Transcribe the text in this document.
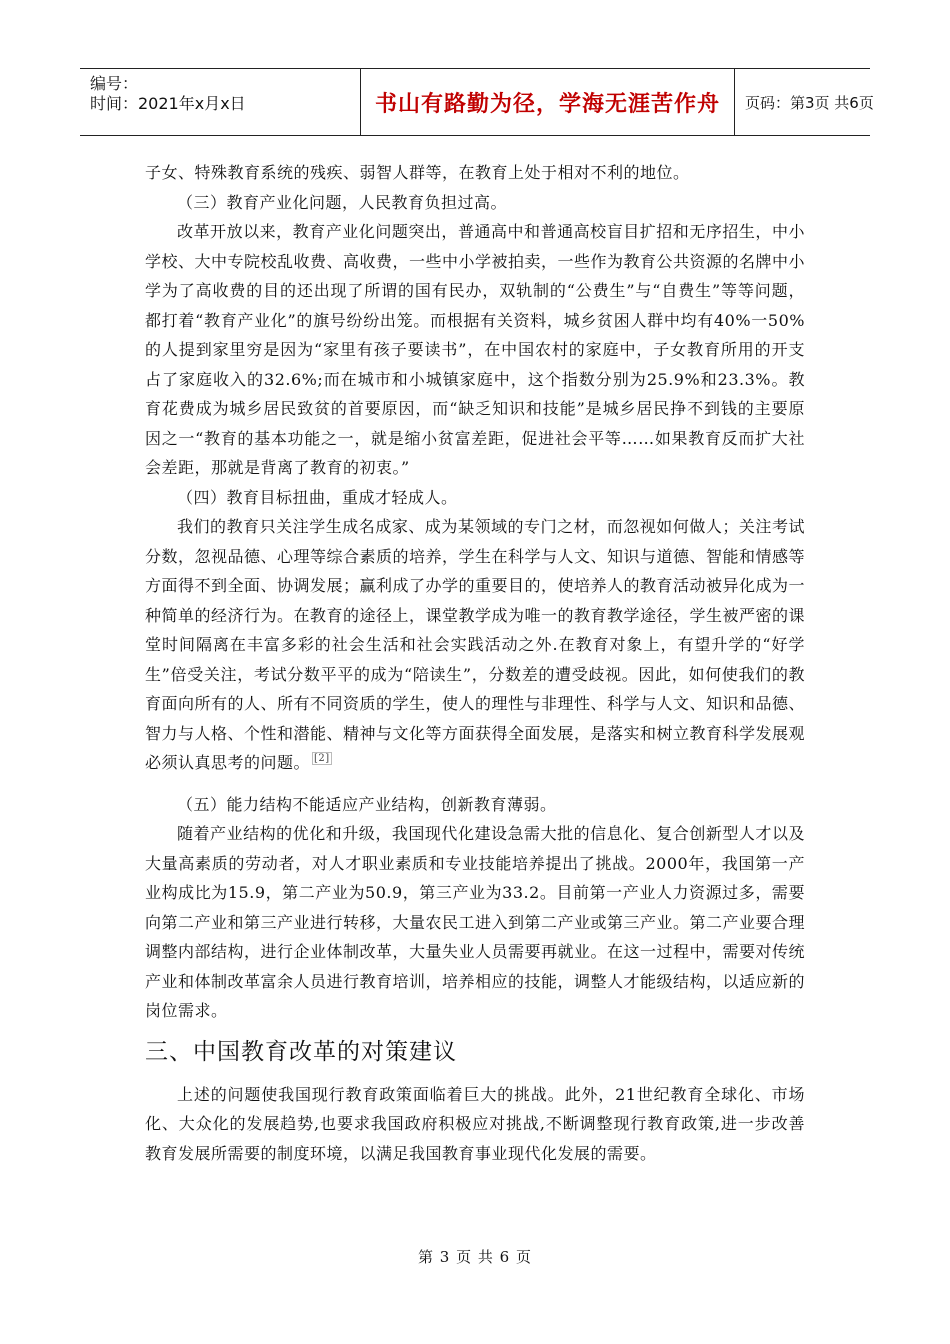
编号：
时间：2021年x月x日	书山有路勤为径，学海无涯苦作舟	页码：第3页 共6页

子女、特殊教育系统的残疾、弱智人群等，在教育上处于相对不利的地位。

（三）教育产业化问题，人民教育负担过高。

改革开放以来，教育产业化问题突出，普通高中和普通高校盲目扩招和无序招生，中小学校、大中专院校乱收费、高收费，一些中小学被拍卖，一些作为教育公共资源的名牌中小学为了高收费的目的还出现了所谓的国有民办，双轨制的“公费生”与“自费生”等等问题，都打着“教育产业化”的旗号纷纷出笼。而根据有关资料，城乡贫困人群中均有40%一50%的人提到家里穷是因为“家里有孩子要读书”，在中国农村的家庭中，子女教育所用的开支占了家庭收入的32.6%;而在城市和小城镇家庭中，这个指数分别为25.9%和23.3%。教育花费成为城乡居民致贫的首要原因，而“缺乏知识和技能”是城乡居民挣不到钱的主要原因之一“教育的基本功能之一，就是缩小贫富差距，促进社会平等……如果教育反而扩大社会差距，那就是背离了教育的初衷。”

（四）教育目标扭曲，重成才轻成人。

我们的教育只关注学生成名成家、成为某领域的专门之材，而忽视如何做人；关注考试分数，忽视品德、心理等综合素质的培养，学生在科学与人文、知识与道德、智能和情感等方面得不到全面、协调发展；赢利成了办学的重要目的，使培养人的教育活动被异化成为一种简单的经济行为。在教育的途径上，课堂教学成为唯一的教育教学途径，学生被严密的课堂时间隔离在丰富多彩的社会生活和社会实践活动之外.在教育对象上，有望升学的“好学生”倍受关注，考试分数平平的成为“陪读生”，分数差的遭受歧视。因此，如何使我们的教育面向所有的人、所有不同资质的学生，使人的理性与非理性、科学与人文、知识和品德、智力与人格、个性和潜能、精神与文化等方面获得全面发展，是落实和树立教育科学发展观必须认真思考的问题。 [2]

（五）能力结构不能适应产业结构，创新教育薄弱。

随着产业结构的优化和升级，我国现代化建设急需大批的信息化、复合创新型人才以及大量高素质的劳动者，对人才职业素质和专业技能培养提出了挑战。2000年，我国第一产业构成比为15.9，第二产业为50.9，第三产业为33.2。目前第一产业人力资源过多，需要向第二产业和第三产业进行转移，大量农民工进入到第二产业或第三产业。第二产业要合理调整内部结构，进行企业体制改革，大量失业人员需要再就业。在这一过程中，需要对传统产业和体制改革富余人员进行教育培训，培养相应的技能，调整人才能级结构，以适应新的岗位需求。

三、中国教育改革的对策建议

上述的问题使我国现行教育政策面临着巨大的挑战。此外，21世纪教育全球化、市场化、大众化的发展趋势,也要求我国政府积极应对挑战,不断调整现行教育政策,进一步改善教育发展所需要的制度环境，以满足我国教育事业现代化发展的需要。

第 3 页 共 6 页
